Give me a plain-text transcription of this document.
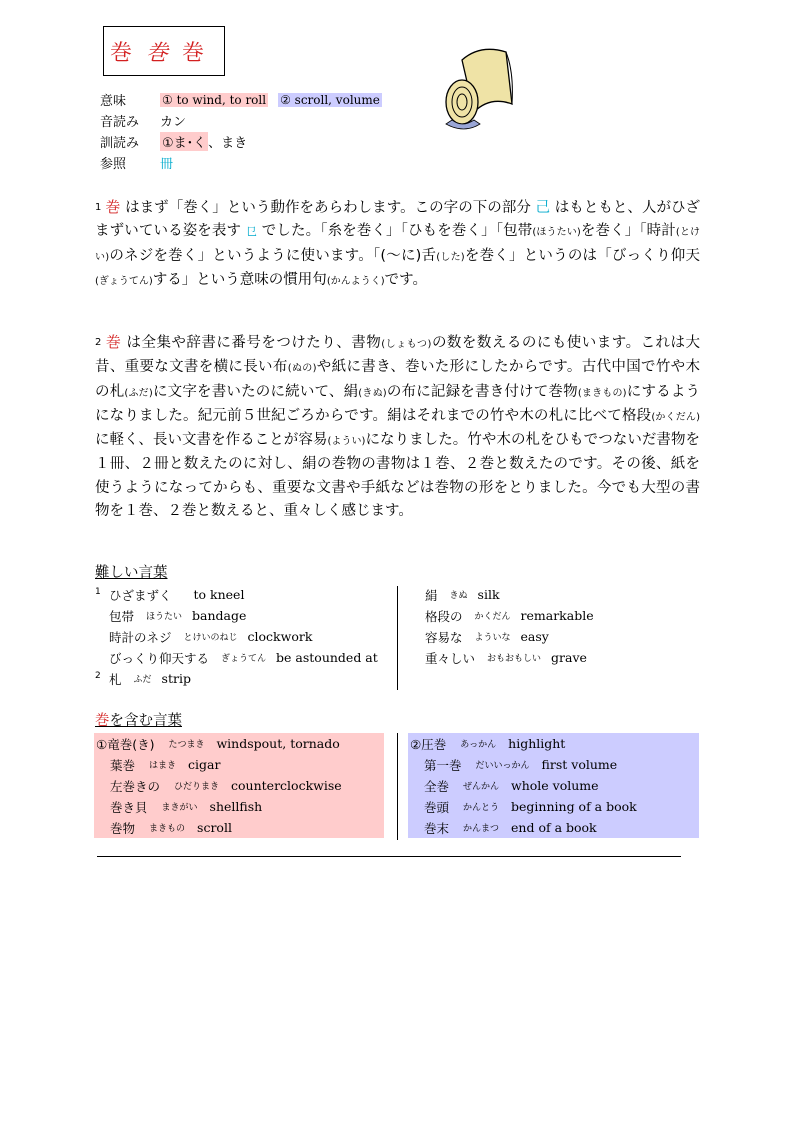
巻 巻 巻
意味	① to wind, to roll ② scroll, volume
音読み	カン
訓読み	①ま･く 、まき
参照	冊

$^1$ 巻 はまず「巻く」という動作をあらわします。この字の下の部分 己 はもともと、人がひざまずいている姿を表す 㔾 でした。「糸を巻く」「ひもを巻く」「包帯(ほうたい)を巻く」「時計(とけい)のネジを巻く」というように使います。「(～に)舌(した)を巻く」というのは「びっくり仰天(ぎょうてん)する」という意味の慣用句(かんようく)です。

$^2$ 巻 は全集や辞書に番号をつけたり、書物(しょもつ)の数を数えるのにも使います。これは大昔、重要な文書を横に長い布(ぬの)や紙に書き、巻いた形にしたからです。古代中国で竹や木の札(ふだ)に文字を書いたのに続いて、絹(きぬ)の布に記録を書き付けて巻物(まきもの)にするようになりました。紀元前５世紀ごろからです。絹はそれまでの竹や木の札に比べて格段(かくだん)に軽く、長い文書を作ることが容易(ようい)になりました。竹や木の札をひもでつないだ書物を１冊、２冊と数えたのに対し、絹の巻物の書物は１巻、２巻と数えたのです。その後、紙を使うようになってからも、重要な文書や手紙などは巻物の形をとりました。今でも大型の書物を１巻、２巻と数えると、重々しく感じます。

難しい言葉
1 ひざまずく to kneel
包帯 ほうたい bandage
時計のネジ とけいのねじ clockwork
びっくり仰天する ぎょうてん be astounded at
2 札 ふだ strip
絹 きぬ silk
格段の かくだん remarkable
容易な よういな easy
重々しい おもおもしい grave
巻を含む言葉
①竜巻(き) たつまき windspout, tornado
葉巻 はまき cigar
左巻きの ひだりまき counterclockwise
巻き貝 まきがい shellfish
巻物 まきもの scroll
②圧巻 あっかん highlight
第一巻 だいいっかん first volume
全巻 ぜんかん whole volume
巻頭 かんとう beginning of a book
巻末 かんまつ end of a book
